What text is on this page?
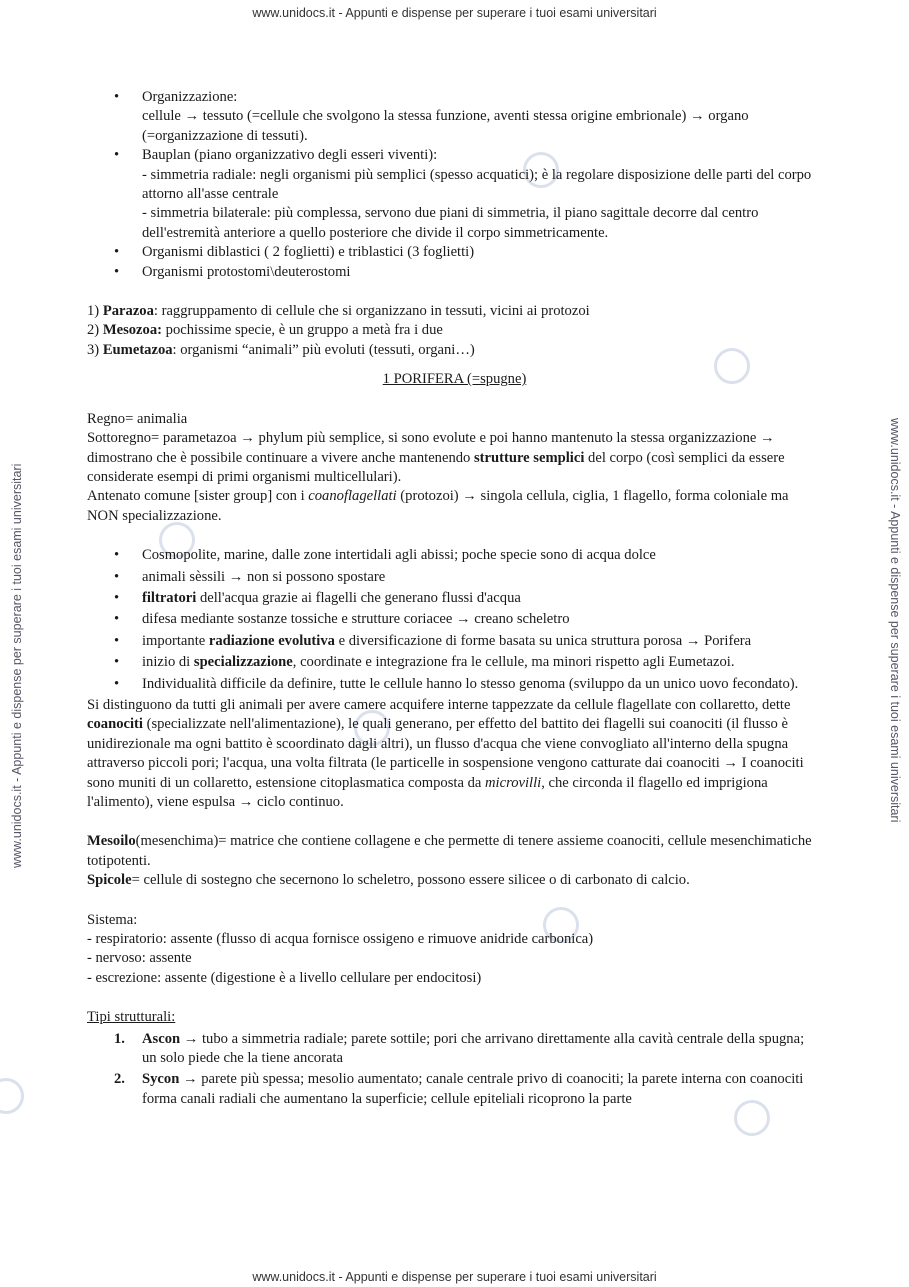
www.unidocs.it - Appunti e dispense per superare i tuoi esami universitari
www.unidocs.it - Appunti e dispense per superare i tuoi esami universitari
www.unidocs.it - Appunti e dispense per superare i tuoi esami universitari	www.unidocs.it - Appunti e dispense per superare i tuoi esami universitari
• Organizzazione:
cellule → tessuto (=cellule che svolgono la stessa funzione, aventi stessa origine embrionale) → organo (=organizzazione di tessuti).
• Bauplan (piano organizzativo degli esseri viventi):
- simmetria radiale: negli organismi più semplici (spesso acquatici); è la regolare disposizione delle parti del corpo attorno all'asse centrale
- simmetria bilaterale: più complessa, servono due piani di simmetria, il piano sagittale decorre dal centro dell'estremità anteriore a quello posteriore che divide il corpo simmetricamente.
• Organismi diblastici ( 2 foglietti) e triblastici (3 foglietti)
• Organismi protostomi\deuterostomi

1) Parazoa: raggruppamento di cellule che si organizzano in tessuti, vicini ai protozoi

2) Mesozoa: pochissime specie, è un gruppo a metà fra i due

3) Eumetazoa: organismi “animali” più evoluti (tessuti, organi…)

1 PORIFERA (=spugne)

Regno= animalia

Sottoregno= parametazoa → phylum più semplice, si sono evolute e poi hanno mantenuto la stessa organizzazione → dimostrano che è possibile continuare a vivere anche mantenendo strutture semplici del corpo (così semplici da essere considerate esempi di primi organismi multicellulari).

Antenato comune [sister group] con i coanoflagellati (protozoi) → singola cellula, ciglia, 1 flagello, forma coloniale ma NON specializzazione.

• Cosmopolite, marine, dalle zone intertidali agli abissi; poche specie sono di acqua dolce
• animali sèssili → non si possono spostare
• filtratori dell'acqua grazie ai flagelli che generano flussi d'acqua
• difesa mediante sostanze tossiche e strutture coriacee → creano scheletro
• importante radiazione evolutiva e diversificazione di forme basata su unica struttura porosa → Porifera
• inizio di specializzazione, coordinate e integrazione fra le cellule, ma minori rispetto agli Eumetazoi.
• Individualità difficile da definire, tutte le cellule hanno lo stesso genoma (sviluppo da un unico uovo fecondato).

Si distinguono da tutti gli animali per avere camere acquifere interne tappezzate da cellule flagellate con collaretto, dette coanociti (specializzate nell'alimentazione), le quali generano, per effetto del battito dei flagelli sui coanociti (il flusso è unidirezionale ma ogni battito è scoordinato dagli altri), un flusso d'acqua che viene convogliato all'interno della spugna attraverso piccoli pori; l'acqua, una volta filtrata (le particelle in sospensione vengono catturate dai coanociti → I coanociti sono muniti di un collaretto, estensione citoplasmatica composta da microvilli, che circonda il flagello ed imprigiona l'alimento), viene espulsa → ciclo continuo.

Mesoilo(mesenchima)= matrice che contiene collagene e che permette di tenere assieme coanociti, cellule mesenchimatiche totipotenti.

Spicole= cellule di sostegno che secernono lo scheletro, possono essere silicee o di carbonato di calcio.

Sistema:

- respiratorio: assente (flusso di acqua fornisce ossigeno e rimuove anidride carbonica)

- nervoso: assente

- escrezione: assente (digestione è a livello cellulare per endocitosi)

Tipi strutturali:

1. Ascon → tubo a simmetria radiale; parete sottile; pori che arrivano direttamente alla cavità centrale della spugna; un solo piede che la tiene ancorata
2. Sycon → parete più spessa; mesolio aumentato; canale centrale privo di coanociti; la parete interna con coanociti forma canali radiali che aumentano la superficie; cellule epiteliali ricoprono la parte
